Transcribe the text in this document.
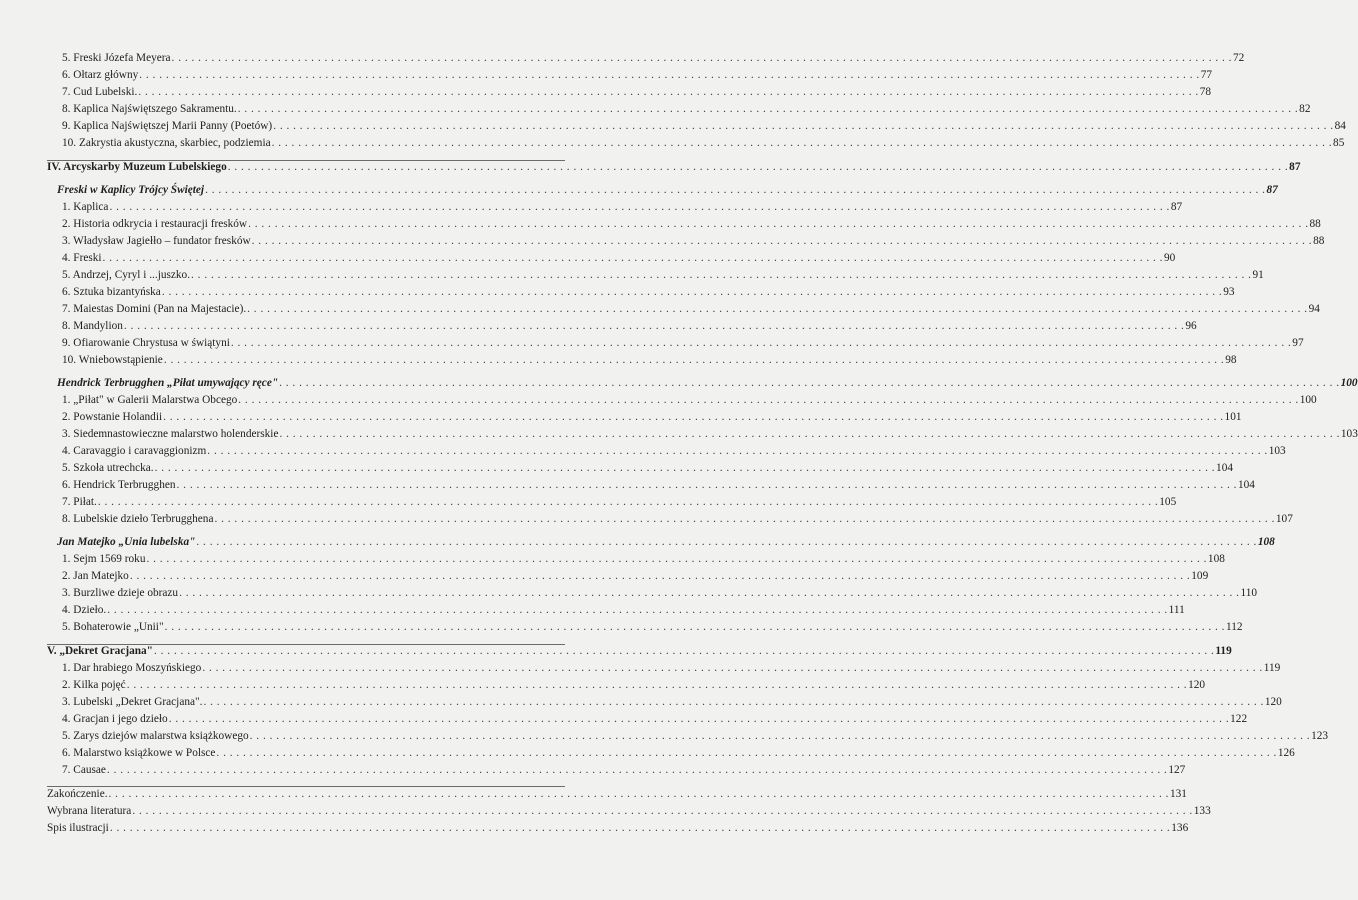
5. Freski Józefa Meyera . . . . . . . . . . . . . . . . . . . . . . . . . . . . . . . . . . . . . . . . . . . . . . . . . . . . . . . . . . . . . . . . . . . . . . . . . . . . . . . . . . . . . . . . . . . . . . . . . . . . . . . . . . . . . . . . . . . . . . . . . . . . . . . . . . . . . . . . . . . . . . . . . . . . . . . . . . . . . . . . 72
6. Ołtarz główny . . . . . . . . . . . . . . . . . . . . . . . . . . . . . . . . . . . . . . . . . . . . . . . . . . . . . . . . . . . . . . . . . . . . . . . . . . . . . . . . . . . . . . . . . . . . . . . . . . . . . . . . . . . . . . . . . . . . . . . . . . . . . . . . . . . . . . . . . . . . . . . . . . . . . . . . . . . . . . . . 77
7. Cud Lubelski. . . . . . . . . . . . . . . . . . . . . . . . . . . . . . . . . . . . . . . . . . . . . . . . . . . . . . . . . . . . . . . . . . . . . . . . . . . . . . . . . . . . . . . . . . . . . . . . . . . . . . . . . . . . . . . . . . . . . . . . . . . . . . . . . . . . . . . . . . . . . . . . . . . . . . . . . . . . . . . . . 78
8. Kaplica Najświętszego Sakramentu. . . . . . . . . . . . . . . . . . . . . . . . . . . . . . . . . . . . . . . . . . . . . . . . . . . . . . . . . . . . . . . . . . . . . . . . . . . . . . . . . . . . . . . . . . . . . . . . . . . . . . . . . . . . . . . . . . . . . . . . . . . . . . . . . . . . . . . . . . . . . . . . . . . . . . . . . . . . . . . . . 82
9. Kaplica Najświętszej Marii Panny (Poetów) . . . . . . . . . . . . . . . . . . . . . . . . . . . . . . . . . . . . . . . . . . . . . . . . . . . . . . . . . . . . . . . . . . . . . . . . . . . . . . . . . . . . . . . . . . . . . . . . . . . . . . . . . . . . . . . . . . . . . . . . . . . . . . . . . . . . . . . . . . . . . . . . . . . . . . . . . . . . . . . . 84
10. Zakrystia akustyczna, skarbiec, podziemia . . . . . . . . . . . . . . . . . . . . . . . . . . . . . . . . . . . . . . . . . . . . . . . . . . . . . . . . . . . . . . . . . . . . . . . . . . . . . . . . . . . . . . . . . . . . . . . . . . . . . . . . . . . . . . . . . . . . . . . . . . . . . . . . . . . . . . . . . . . . . . . . . . . . . . . . . . . . . . . . 85
IV. Arcyskarby Muzeum Lubelskiego . . . . . . . . . . . . . . . . . . . . . . . . . . . . . . . . . . . . . . . . . . . . . . . . . . . . . . . . . . . . . . . . . . . . . . . . . . . . . . . . . . . . . . . . . . . . . . . . . . . . . . . . . . . . . . . . . . . . . . . . . . . . . . . . . . . . . . . . . . . . . . . . . . . . . . . . . . . . . . . . 87
Freski w Kaplicy Trójcy Świętej . . . . . . . . . . . . . . . . . . . . . . . . . . . . . . . . . . . . . . . . . . . . . . . . . . . . . . . . . . . . . . . . . . . . . . . . . . . . . . . . . . . . . . . . . . . . . . . . . . . . . . . . . . . . . . . . . . . . . . . . . . . . . . . . . . . . . . . . . . . . . . . . . . . . . . . . . . . . . . . . 87
1. Kaplica . . . . . . . . . . . . . . . . . . . . . . . . . . . . . . . . . . . . . . . . . . . . . . . . . . . . . . . . . . . . . . . . . . . . . . . . . . . . . . . . . . . . . . . . . . . . . . . . . . . . . . . . . . . . . . . . . . . . . . . . . . . . . . . . . . . . . . . . . . . . . . . . . . . . . . . . . . . . . . . . 87
2. Historia odkrycia i restauracji fresków . . . . . . . . . . . . . . . . . . . . . . . . . . . . . . . . . . . . . . . . . . . . . . . . . . . . . . . . . . . . . . . . . . . . . . . . . . . . . . . . . . . . . . . . . . . . . . . . . . . . . . . . . . . . . . . . . . . . . . . . . . . . . . . . . . . . . . . . . . . . . . . . . . . . . . . . . . . . . . . . 88
3. Władysław Jagiełło – fundator fresków . . . . . . . . . . . . . . . . . . . . . . . . . . . . . . . . . . . . . . . . . . . . . . . . . . . . . . . . . . . . . . . . . . . . . . . . . . . . . . . . . . . . . . . . . . . . . . . . . . . . . . . . . . . . . . . . . . . . . . . . . . . . . . . . . . . . . . . . . . . . . . . . . . . . . . . . . . . . . . . . 88
4. Freski . . . . . . . . . . . . . . . . . . . . . . . . . . . . . . . . . . . . . . . . . . . . . . . . . . . . . . . . . . . . . . . . . . . . . . . . . . . . . . . . . . . . . . . . . . . . . . . . . . . . . . . . . . . . . . . . . . . . . . . . . . . . . . . . . . . . . . . . . . . . . . . . . . . . . . . . . . . . . . . . 90
5. Andrzej, Cyryl i ...juszko. . . . . . . . . . . . . . . . . . . . . . . . . . . . . . . . . . . . . . . . . . . . . . . . . . . . . . . . . . . . . . . . . . . . . . . . . . . . . . . . . . . . . . . . . . . . . . . . . . . . . . . . . . . . . . . . . . . . . . . . . . . . . . . . . . . . . . . . . . . . . . . . . . . . . . . . . . . . . . . . . 91
6. Sztuka bizantyńska . . . . . . . . . . . . . . . . . . . . . . . . . . . . . . . . . . . . . . . . . . . . . . . . . . . . . . . . . . . . . . . . . . . . . . . . . . . . . . . . . . . . . . . . . . . . . . . . . . . . . . . . . . . . . . . . . . . . . . . . . . . . . . . . . . . . . . . . . . . . . . . . . . . . . . . . . . . . . . . . 93
7. Maiestas Domini (Pan na Majestacie). . . . . . . . . . . . . . . . . . . . . . . . . . . . . . . . . . . . . . . . . . . . . . . . . . . . . . . . . . . . . . . . . . . . . . . . . . . . . . . . . . . . . . . . . . . . . . . . . . . . . . . . . . . . . . . . . . . . . . . . . . . . . . . . . . . . . . . . . . . . . . . . . . . . . . . . . . . . . . . . . 94
8. Mandylion . . . . . . . . . . . . . . . . . . . . . . . . . . . . . . . . . . . . . . . . . . . . . . . . . . . . . . . . . . . . . . . . . . . . . . . . . . . . . . . . . . . . . . . . . . . . . . . . . . . . . . . . . . . . . . . . . . . . . . . . . . . . . . . . . . . . . . . . . . . . . . . . . . . . . . . . . . . . . . . . 96
9. Ofiarowanie Chrystusa w świątyni . . . . . . . . . . . . . . . . . . . . . . . . . . . . . . . . . . . . . . . . . . . . . . . . . . . . . . . . . . . . . . . . . . . . . . . . . . . . . . . . . . . . . . . . . . . . . . . . . . . . . . . . . . . . . . . . . . . . . . . . . . . . . . . . . . . . . . . . . . . . . . . . . . . . . . . . . . . . . . . . 97
10. Wniebowstąpienie . . . . . . . . . . . . . . . . . . . . . . . . . . . . . . . . . . . . . . . . . . . . . . . . . . . . . . . . . . . . . . . . . . . . . . . . . . . . . . . . . . . . . . . . . . . . . . . . . . . . . . . . . . . . . . . . . . . . . . . . . . . . . . . . . . . . . . . . . . . . . . . . . . . . . . . . . . . . . . . . 98
Hendrick Terbrugghen „Piłat umywający ręce" . . . . . . . . . . . . . . . . . . . . . . . . . . . . . . . . . . . . . . . . . . . . . . . . . . . . . . . . . . . . . . . . . . . . . . . . . . . . . . . . . . . . . . . . . . . . . . . . . . . . . . . . . . . . . . . . . . . . . . . . . . . . . . . . . . . . . . . . . . . . . . . . . . . . . . . . . . . . . . . . 100
1. „Piłat" w Galerii Malarstwa Obcego . . . . . . . . . . . . . . . . . . . . . . . . . . . . . . . . . . . . . . . . . . . . . . . . . . . . . . . . . . . . . . . . . . . . . . . . . . . . . . . . . . . . . . . . . . . . . . . . . . . . . . . . . . . . . . . . . . . . . . . . . . . . . . . . . . . . . . . . . . . . . . . . . . . . . . . . . . . . . . . . 100
2. Powstanie Holandii . . . . . . . . . . . . . . . . . . . . . . . . . . . . . . . . . . . . . . . . . . . . . . . . . . . . . . . . . . . . . . . . . . . . . . . . . . . . . . . . . . . . . . . . . . . . . . . . . . . . . . . . . . . . . . . . . . . . . . . . . . . . . . . . . . . . . . . . . . . . . . . . . . . . . . . . . . . . . . . . 101
3. Siedemnastowieczne malarstwo holenderskie . . . . . . . . . . . . . . . . . . . . . . . . . . . . . . . . . . . . . . . . . . . . . . . . . . . . . . . . . . . . . . . . . . . . . . . . . . . . . . . . . . . . . . . . . . . . . . . . . . . . . . . . . . . . . . . . . . . . . . . . . . . . . . . . . . . . . . . . . . . . . . . . . . . . . . . . . . . . . . . . 103
4. Caravaggio i caravaggionizm . . . . . . . . . . . . . . . . . . . . . . . . . . . . . . . . . . . . . . . . . . . . . . . . . . . . . . . . . . . . . . . . . . . . . . . . . . . . . . . . . . . . . . . . . . . . . . . . . . . . . . . . . . . . . . . . . . . . . . . . . . . . . . . . . . . . . . . . . . . . . . . . . . . . . . . . . . . . . . . . 103
5. Szkoła utrechcka. . . . . . . . . . . . . . . . . . . . . . . . . . . . . . . . . . . . . . . . . . . . . . . . . . . . . . . . . . . . . . . . . . . . . . . . . . . . . . . . . . . . . . . . . . . . . . . . . . . . . . . . . . . . . . . . . . . . . . . . . . . . . . . . . . . . . . . . . . . . . . . . . . . . . . . . . . . . . . . . . 104
6. Hendrick Terbrugghen . . . . . . . . . . . . . . . . . . . . . . . . . . . . . . . . . . . . . . . . . . . . . . . . . . . . . . . . . . . . . . . . . . . . . . . . . . . . . . . . . . . . . . . . . . . . . . . . . . . . . . . . . . . . . . . . . . . . . . . . . . . . . . . . . . . . . . . . . . . . . . . . . . . . . . . . . . . . . . . . 104
7. Piłat. . . . . . . . . . . . . . . . . . . . . . . . . . . . . . . . . . . . . . . . . . . . . . . . . . . . . . . . . . . . . . . . . . . . . . . . . . . . . . . . . . . . . . . . . . . . . . . . . . . . . . . . . . . . . . . . . . . . . . . . . . . . . . . . . . . . . . . . . . . . . . . . . . . . . . . . . . . . . . . . . 105
8. Lubelskie dzieło Terbrugghena . . . . . . . . . . . . . . . . . . . . . . . . . . . . . . . . . . . . . . . . . . . . . . . . . . . . . . . . . . . . . . . . . . . . . . . . . . . . . . . . . . . . . . . . . . . . . . . . . . . . . . . . . . . . . . . . . . . . . . . . . . . . . . . . . . . . . . . . . . . . . . . . . . . . . . . . . . . . . . . . 107
Jan Matejko „Unia lubelska" . . . . . . . . . . . . . . . . . . . . . . . . . . . . . . . . . . . . . . . . . . . . . . . . . . . . . . . . . . . . . . . . . . . . . . . . . . . . . . . . . . . . . . . . . . . . . . . . . . . . . . . . . . . . . . . . . . . . . . . . . . . . . . . . . . . . . . . . . . . . . . . . . . . . . . . . . . . . . . . . 108
1. Sejm 1569 roku . . . . . . . . . . . . . . . . . . . . . . . . . . . . . . . . . . . . . . . . . . . . . . . . . . . . . . . . . . . . . . . . . . . . . . . . . . . . . . . . . . . . . . . . . . . . . . . . . . . . . . . . . . . . . . . . . . . . . . . . . . . . . . . . . . . . . . . . . . . . . . . . . . . . . . . . . . . . . . . . 108
2. Jan Matejko . . . . . . . . . . . . . . . . . . . . . . . . . . . . . . . . . . . . . . . . . . . . . . . . . . . . . . . . . . . . . . . . . . . . . . . . . . . . . . . . . . . . . . . . . . . . . . . . . . . . . . . . . . . . . . . . . . . . . . . . . . . . . . . . . . . . . . . . . . . . . . . . . . . . . . . . . . . . . . . . 109
3. Burzliwe dzieje obrazu . . . . . . . . . . . . . . . . . . . . . . . . . . . . . . . . . . . . . . . . . . . . . . . . . . . . . . . . . . . . . . . . . . . . . . . . . . . . . . . . . . . . . . . . . . . . . . . . . . . . . . . . . . . . . . . . . . . . . . . . . . . . . . . . . . . . . . . . . . . . . . . . . . . . . . . . . . . . . . . . 110
4. Dzieło. . . . . . . . . . . . . . . . . . . . . . . . . . . . . . . . . . . . . . . . . . . . . . . . . . . . . . . . . . . . . . . . . . . . . . . . . . . . . . . . . . . . . . . . . . . . . . . . . . . . . . . . . . . . . . . . . . . . . . . . . . . . . . . . . . . . . . . . . . . . . . . . . . . . . . . . . . . . . . . . . 111
5. Bohaterowie „Unii" . . . . . . . . . . . . . . . . . . . . . . . . . . . . . . . . . . . . . . . . . . . . . . . . . . . . . . . . . . . . . . . . . . . . . . . . . . . . . . . . . . . . . . . . . . . . . . . . . . . . . . . . . . . . . . . . . . . . . . . . . . . . . . . . . . . . . . . . . . . . . . . . . . . . . . . . . . . . . . . . 112
V. „Dekret Gracjana" . . . . . . . . . . . . . . . . . . . . . . . . . . . . . . . . . . . . . . . . . . . . . . . . . . . . . . . . . . . . . . . . . . . . . . . . . . . . . . . . . . . . . . . . . . . . . . . . . . . . . . . . . . . . . . . . . . . . . . . . . . . . . . . . . . . . . . . . . . . . . . . . . . . . . . . . . . . . . . . . 119
1. Dar hrabiego Moszyńskiego . . . . . . . . . . . . . . . . . . . . . . . . . . . . . . . . . . . . . . . . . . . . . . . . . . . . . . . . . . . . . . . . . . . . . . . . . . . . . . . . . . . . . . . . . . . . . . . . . . . . . . . . . . . . . . . . . . . . . . . . . . . . . . . . . . . . . . . . . . . . . . . . . . . . . . . . . . . . . . . . 119
2. Kilka pojęć . . . . . . . . . . . . . . . . . . . . . . . . . . . . . . . . . . . . . . . . . . . . . . . . . . . . . . . . . . . . . . . . . . . . . . . . . . . . . . . . . . . . . . . . . . . . . . . . . . . . . . . . . . . . . . . . . . . . . . . . . . . . . . . . . . . . . . . . . . . . . . . . . . . . . . . . . . . . . . . . 120
3. Lubelski „Dekret Gracjana". . . . . . . . . . . . . . . . . . . . . . . . . . . . . . . . . . . . . . . . . . . . . . . . . . . . . . . . . . . . . . . . . . . . . . . . . . . . . . . . . . . . . . . . . . . . . . . . . . . . . . . . . . . . . . . . . . . . . . . . . . . . . . . . . . . . . . . . . . . . . . . . . . . . . . . . . . . . . . . . . 120
4. Gracjan i jego dzieło . . . . . . . . . . . . . . . . . . . . . . . . . . . . . . . . . . . . . . . . . . . . . . . . . . . . . . . . . . . . . . . . . . . . . . . . . . . . . . . . . . . . . . . . . . . . . . . . . . . . . . . . . . . . . . . . . . . . . . . . . . . . . . . . . . . . . . . . . . . . . . . . . . . . . . . . . . . . . . . . 122
5. Zarys dziejów malarstwa książkowego . . . . . . . . . . . . . . . . . . . . . . . . . . . . . . . . . . . . . . . . . . . . . . . . . . . . . . . . . . . . . . . . . . . . . . . . . . . . . . . . . . . . . . . . . . . . . . . . . . . . . . . . . . . . . . . . . . . . . . . . . . . . . . . . . . . . . . . . . . . . . . . . . . . . . . . . . . . . . . . . 123
6. Malarstwo książkowe w Polsce . . . . . . . . . . . . . . . . . . . . . . . . . . . . . . . . . . . . . . . . . . . . . . . . . . . . . . . . . . . . . . . . . . . . . . . . . . . . . . . . . . . . . . . . . . . . . . . . . . . . . . . . . . . . . . . . . . . . . . . . . . . . . . . . . . . . . . . . . . . . . . . . . . . . . . . . . . . . . . . . 126
7. Causae . . . . . . . . . . . . . . . . . . . . . . . . . . . . . . . . . . . . . . . . . . . . . . . . . . . . . . . . . . . . . . . . . . . . . . . . . . . . . . . . . . . . . . . . . . . . . . . . . . . . . . . . . . . . . . . . . . . . . . . . . . . . . . . . . . . . . . . . . . . . . . . . . . . . . . . . . . . . . . . . 127
Zakończenie. . . . . . . . . . . . . . . . . . . . . . . . . . . . . . . . . . . . . . . . . . . . . . . . . . . . . . . . . . . . . . . . . . . . . . . . . . . . . . . . . . . . . . . . . . . . . . . . . . . . . . . . . . . . . . . . . . . . . . . . . . . . . . . . . . . . . . . . . . . . . . . . . . . . . . . . . . . . . . . . . 131
Wybrana literatura . . . . . . . . . . . . . . . . . . . . . . . . . . . . . . . . . . . . . . . . . . . . . . . . . . . . . . . . . . . . . . . . . . . . . . . . . . . . . . . . . . . . . . . . . . . . . . . . . . . . . . . . . . . . . . . . . . . . . . . . . . . . . . . . . . . . . . . . . . . . . . . . . . . . . . . . . . . . . . . . 133
Spis ilustracji . . . . . . . . . . . . . . . . . . . . . . . . . . . . . . . . . . . . . . . . . . . . . . . . . . . . . . . . . . . . . . . . . . . . . . . . . . . . . . . . . . . . . . . . . . . . . . . . . . . . . . . . . . . . . . . . . . . . . . . . . . . . . . . . . . . . . . . . . . . . . . . . . . . . . . . . . . . . . . . . 136
